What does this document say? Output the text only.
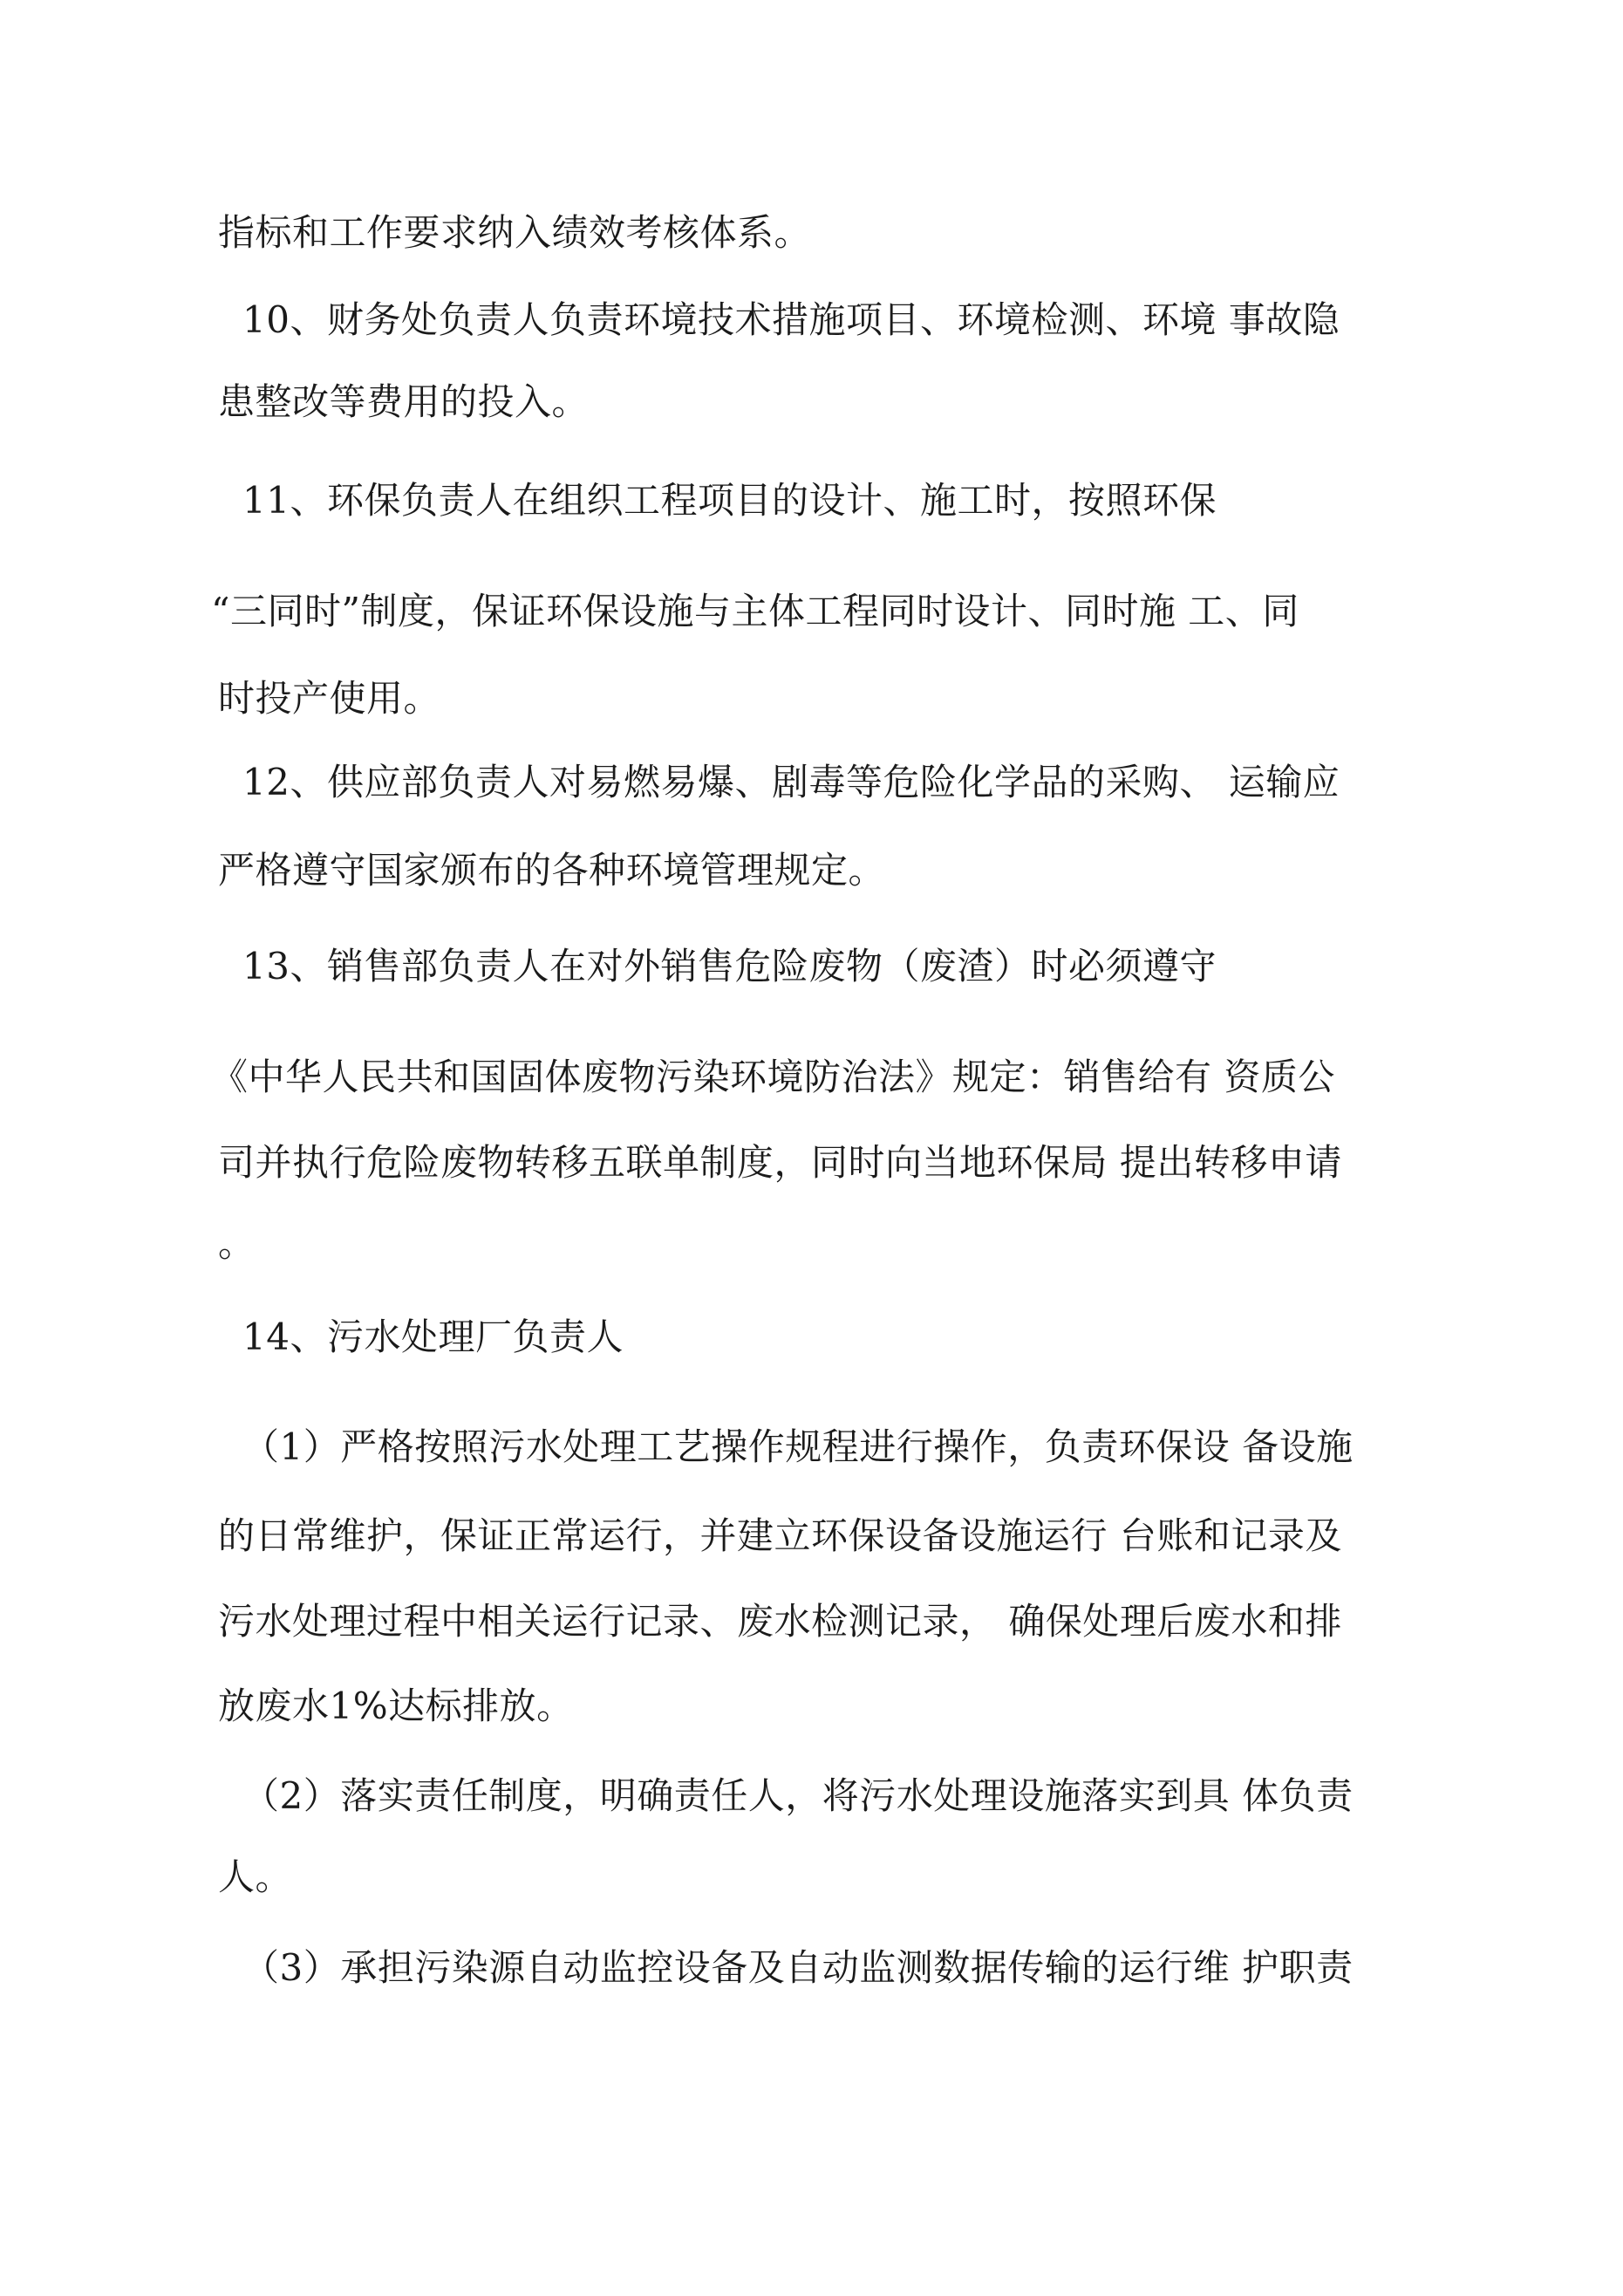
指标和工作要求纳入绩效考核体系。
10、财务处负责人负责环境技术措施项目、环境检测、环境 事故隐
患整改等费用的投入。
11、环保负责人在组织工程项目的设计、施工时，按照环保
“三同时”制度，保证环保设施与主体工程同时设计、同时施 工、同
时投产使用。
12、供应部负责人对易燃易爆、剧毒等危险化学品的采购、 运输应
严格遵守国家颁布的各种环境管理规定。
13、销售部负责人在对外销售危险废物（废渣）时必须遵守
《中华人民共和国固体废物污染环境防治法》规定：销售给有 资质公
司并执行危险废物转移五联单制度，同时向当地环保局 提出转移申请
。
14、污水处理厂负责人
（1）严格按照污水处理工艺操作规程进行操作，负责环保设 备设施
的日常维护，保证正常运行，并建立环保设备设施运行 台账和记录及
污水处理过程中相关运行记录、废水检测记录， 确保处理后废水和排
放废水1%达标排放。
（2）落实责任制度，明确责任人，将污水处理设施落实到具 体负责
人。
（3）承担污染源自动监控设备及自动监测数据传输的运行维 护职责
